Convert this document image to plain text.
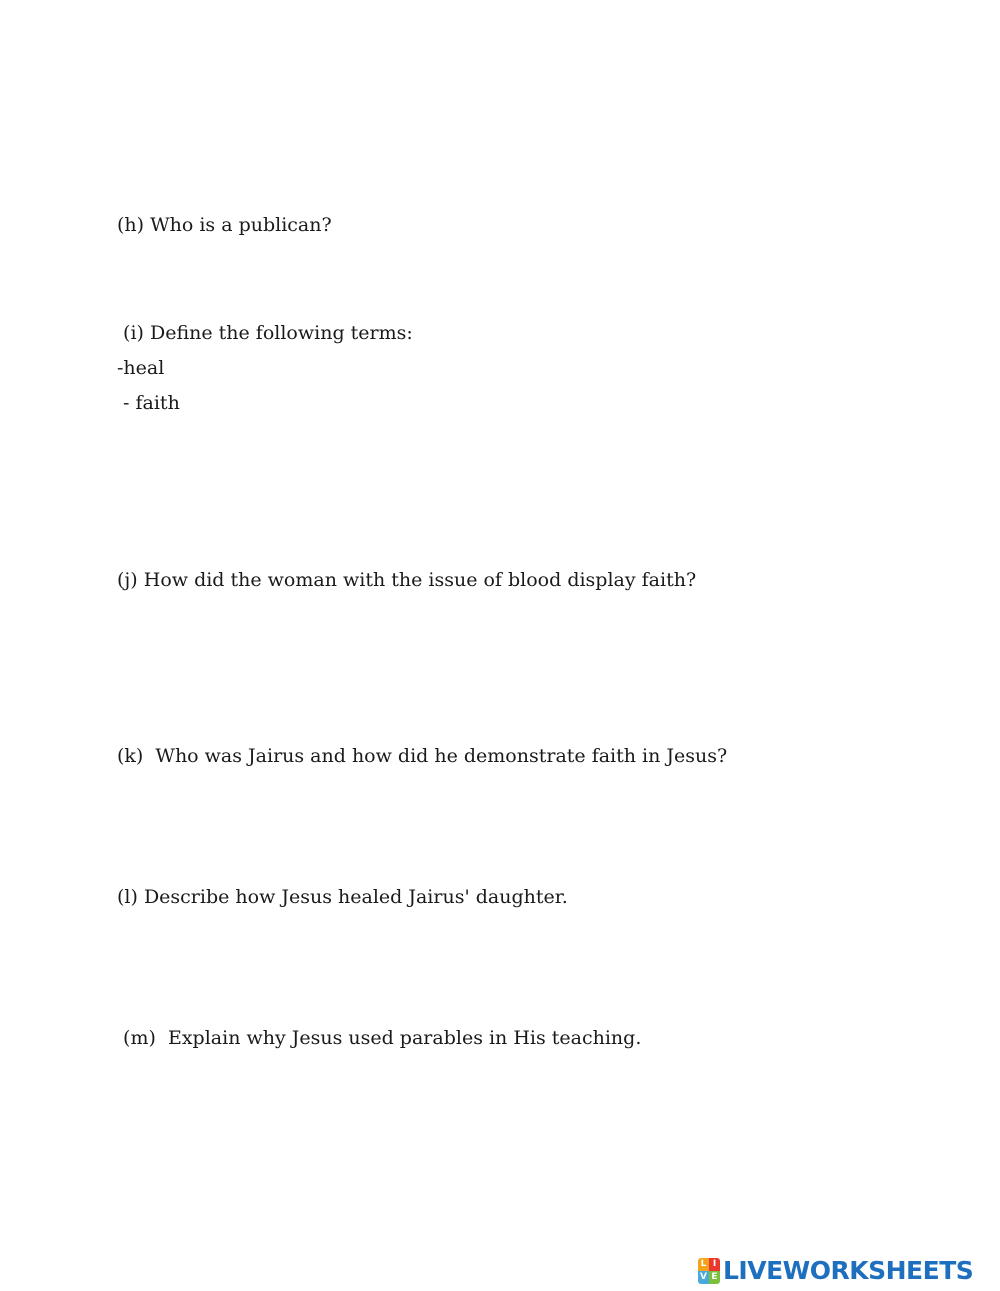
(h) Who is a publican?

(i) Define the following terms:

-heal

- faith

(j) How did the woman with the issue of blood display faith?

(k)  Who was Jairus and how did he demonstrate faith in Jesus?

(l) Describe how Jesus healed Jairus' daughter.

(m)  Explain why Jesus used parables in His teaching.

L I
V E LIVEWORKSHEETS
